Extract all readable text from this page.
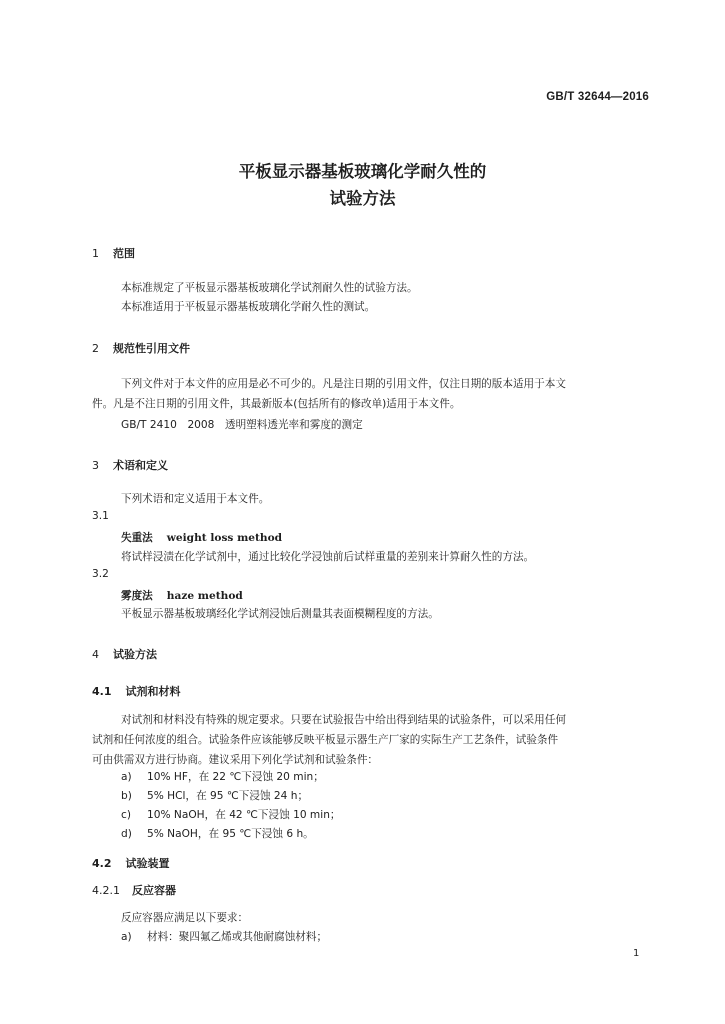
GB/T 32644—2016
平板显示器基板玻璃化学耐久性的
试验方法
1 范围
本标准规定了平板显示器基板玻璃化学试剂耐久性的试验方法。
本标准适用于平板显示器基板玻璃化学耐久性的测试。
2 规范性引用文件
下列文件对于本文件的应用是必不可少的。凡是注日期的引用文件，仅注日期的版本适用于本文
件。凡是不注日期的引用文件，其最新版本(包括所有的修改单)适用于本文件。
GB/T 2410　2008　透明塑料透光率和雾度的测定
3 术语和定义
下列术语和定义适用于本文件。
3.1
失重法 weight loss method
将试样浸渍在化学试剂中，通过比较化学浸蚀前后试样重量的差别来计算耐久性的方法。
3.2
雾度法 haze method
平板显示器基板玻璃经化学试剂浸蚀后测量其表面模糊程度的方法。
4 试验方法
4.1 试剂和材料
对试剂和材料没有特殊的规定要求。只要在试验报告中给出得到结果的试验条件，可以采用任何
试剂和任何浓度的组合。试验条件应该能够反映平板显示器生产厂家的实际生产工艺条件，试验条件
可由供需双方进行协商。建议采用下列化学试剂和试验条件：
a) 10% HF，在 22 ℃下浸蚀 20 min；
b) 5% HCl，在 95 ℃下浸蚀 24 h；
c) 10% NaOH，在 42 ℃下浸蚀 10 min；
d) 5% NaOH，在 95 ℃下浸蚀 6 h。
4.2 试验装置
4.2.1 反应容器
反应容器应满足以下要求：
a) 材料：聚四氟乙烯或其他耐腐蚀材料；
1
